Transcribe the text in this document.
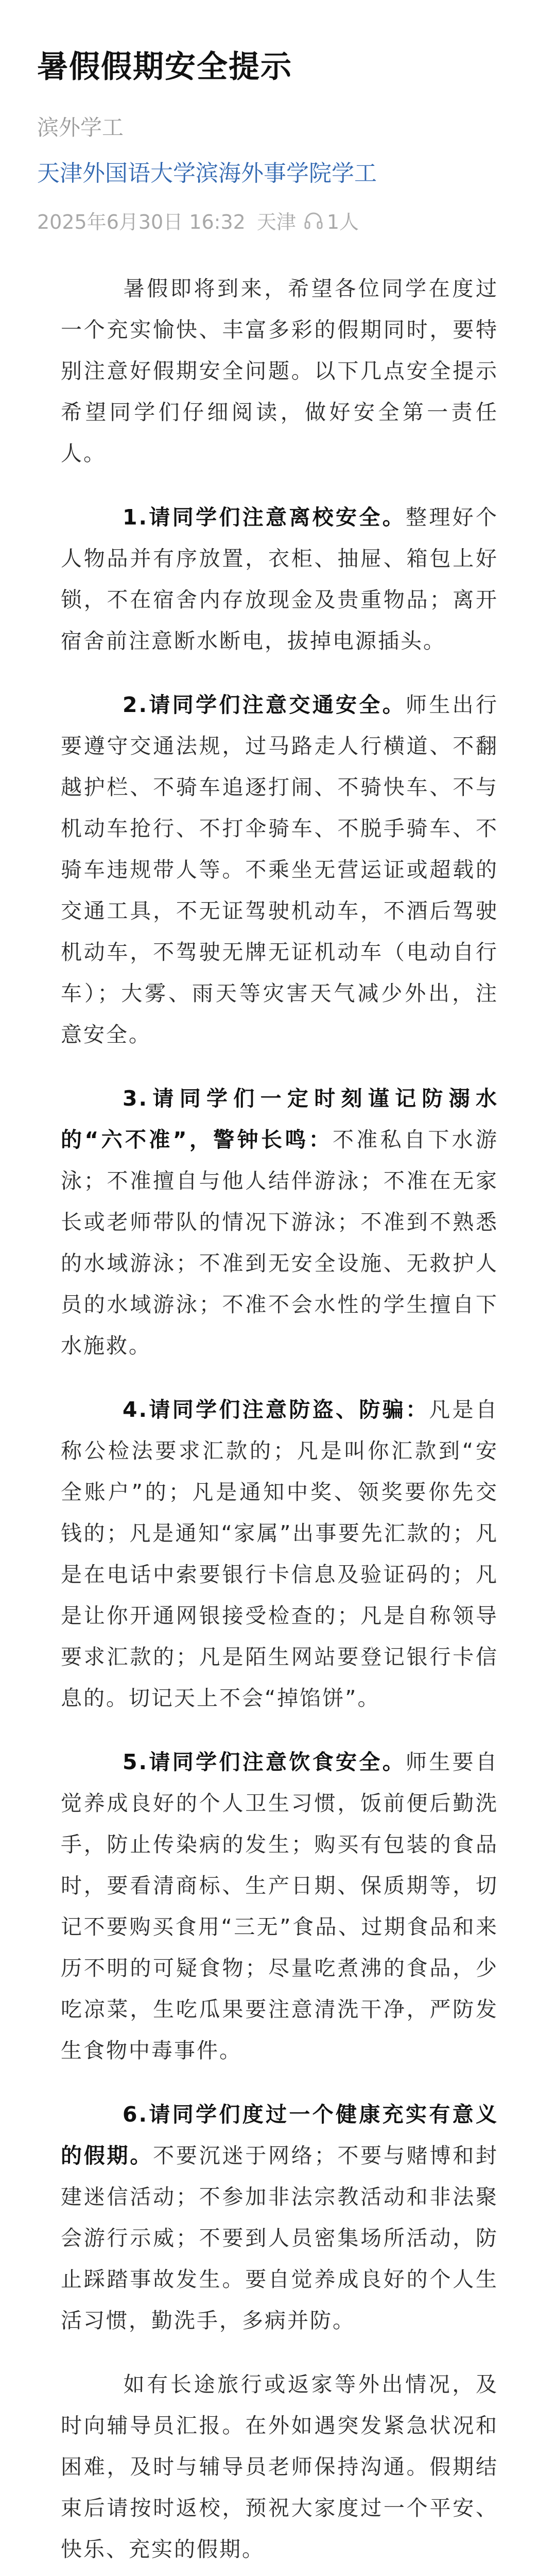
暑假假期安全提示
滨外学工
天津外国语大学滨海外事学院学工
2025年6月30日 16:32 天津 1人

暑假即将到来，希望各位同学在度过一个充实愉快、丰富多彩的假期同时，要特别注意好假期安全问题。以下几点安全提示希望同学们仔细阅读，做好安全第一责任人。

1.请同学们注意离校安全。整理好个人物品并有序放置，衣柜、抽屉、箱包上好锁，不在宿舍内存放现金及贵重物品；离开宿舍前注意断水断电，拔掉电源插头。

2.请同学们注意交通安全。师生出行要遵守交通法规，过马路走人行横道、不翻越护栏、不骑车追逐打闹、不骑快车、不与机动车抢行、不打伞骑车、不脱手骑车、不骑车违规带人等。不乘坐无营运证或超载的交通工具，不无证驾驶机动车，不酒后驾驶机动车，不驾驶无牌无证机动车（电动自行车）；大雾、雨天等灾害天气减少外出，注意安全。

3.请同学们一定时刻谨记防溺水的“六不准”，警钟长鸣：不准私自下水游泳；不准擅自与他人结伴游泳；不准在无家长或老师带队的情况下游泳；不准到不熟悉的水域游泳；不准到无安全设施、无救护人员的水域游泳；不准不会水性的学生擅自下水施救。

4.请同学们注意防盗、防骗：凡是自称公检法要求汇款的；凡是叫你汇款到“安全账户”的；凡是通知中奖、领奖要你先交钱的；凡是通知“家属”出事要先汇款的；凡是在电话中索要银行卡信息及验证码的；凡是让你开通网银接受检查的；凡是自称领导要求汇款的；凡是陌生网站要登记银行卡信息的。切记天上不会“掉馅饼”。

5.请同学们注意饮食安全。师生要自觉养成良好的个人卫生习惯，饭前便后勤洗手，防止传染病的发生；购买有包装的食品时，要看清商标、生产日期、保质期等，切记不要购买食用“三无”食品、过期食品和来历不明的可疑食物；尽量吃煮沸的食品，少吃凉菜，生吃瓜果要注意清洗干净，严防发生食物中毒事件。

6.请同学们度过一个健康充实有意义的假期。不要沉迷于网络；不要与赌博和封建迷信活动；不参加非法宗教活动和非法聚会游行示威；不要到人员密集场所活动，防止踩踏事故发生。要自觉养成良好的个人生活习惯，勤洗手，多病并防。

如有长途旅行或返家等外出情况，及时向辅导员汇报。在外如遇突发紧急状况和困难，及时与辅导员老师保持沟通。假期结束后请按时返校，预祝大家度过一个平安、快乐、充实的假期。
